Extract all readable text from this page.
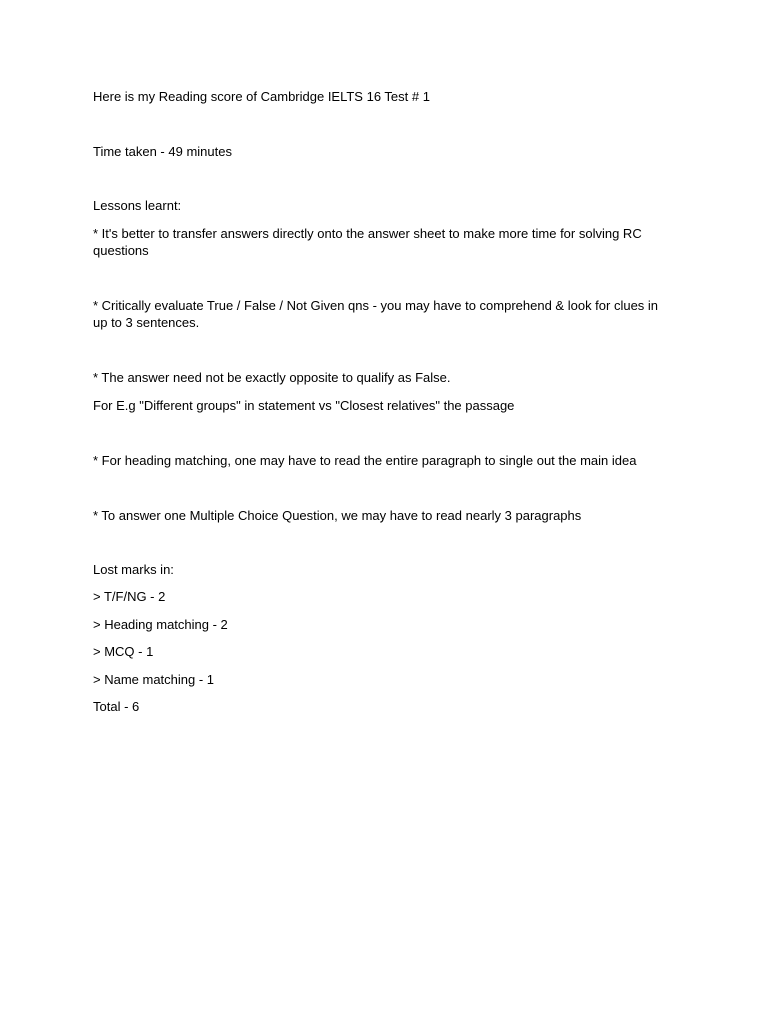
Here is my Reading score of Cambridge IELTS 16 Test # 1
Time taken - 49 minutes
Lessons learnt:
* It's better to transfer answers directly onto the answer sheet to make more time for solving RC questions
* Critically evaluate True / False / Not Given qns - you may have to comprehend & look for clues in up to 3 sentences.
* The answer need not be exactly opposite to qualify as False.
For E.g "Different groups" in statement vs "Closest relatives" the passage
* For heading matching, one may have to read the entire paragraph to single out the main idea
* To answer one Multiple Choice Question, we may have to read nearly 3 paragraphs
Lost marks in:
> T/F/NG - 2
> Heading matching - 2
> MCQ - 1
> Name matching - 1
Total - 6
